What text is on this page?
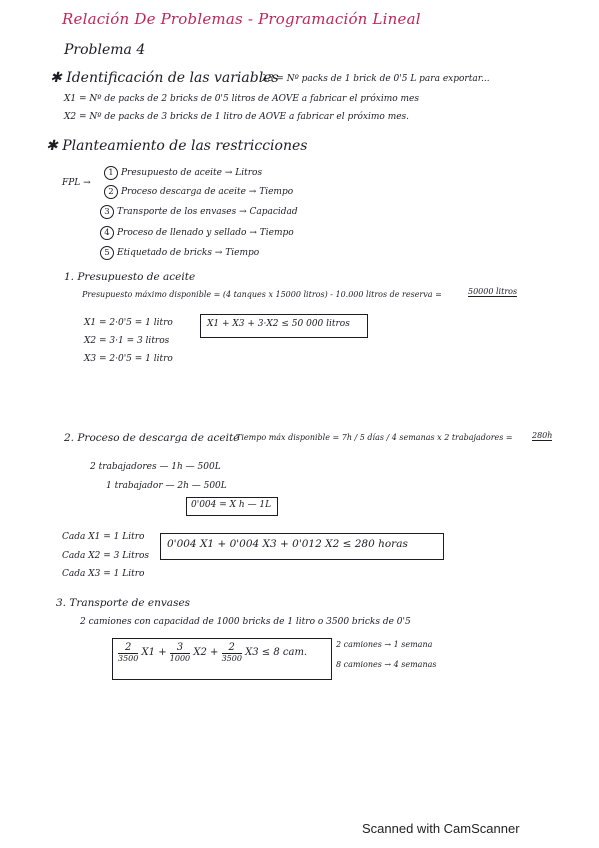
Relación De Problemas - Programación Lineal
Problema 4
✱ Identificación de las variables
λ3 = Nº packs de 1 brick de 0'5 L para exportar...
X1 = Nº de packs de 2 bricks de 0'5 litros de AOVE a fabricar el próximo mes
X2 = Nº de packs de 3 bricks de 1 litro de AOVE a fabricar el próximo mes.
✱ Planteamiento de las restricciones
FPL →
1 Presupuesto de aceite → Litros
2 Proceso descarga de aceite → Tiempo
3 Transporte de los envases → Capacidad
4 Proceso de llenado y sellado → Tiempo
5 Etiquetado de bricks → Tiempo
1. Presupuesto de aceite
Presupuesto máximo disponible = (4 tanques x 15000 litros) - 10.000 litros de reserva =	50000 litros
X1 = 2·0'5 = 1 litro
X2 = 3·1 = 3 litros
X3 = 2·0'5 = 1 litro
X1 + X3 + 3·X2 ≤ 50 000 litros
2. Proceso de descarga de aceite
Tiempo máx disponible = 7h / 5 días / 4 semanas x 2 trabajadores = 280h
2 trabajadores — 1h — 500L
1 trabajador — 2h — 500L
0'004 = X h — 1L
Cada X1 = 1 Litro
Cada X2 = 3 Litros
Cada X3 = 1 Litro
0'004 X1 + 0'004 X3 + 0'012 X2 ≤ 280 horas
3. Transporte de envases
2 camiones con capacidad de 1000 bricks de 1 litro o 3500 bricks de 0'5
$\frac{2}{3500} X1 + \frac{3}{1000} X2 + \frac{2}{3500} X3 \le 8$ cam.
2 camiones → 1 semana
8 camiones → 4 semanas
Scanned with CamScanner
